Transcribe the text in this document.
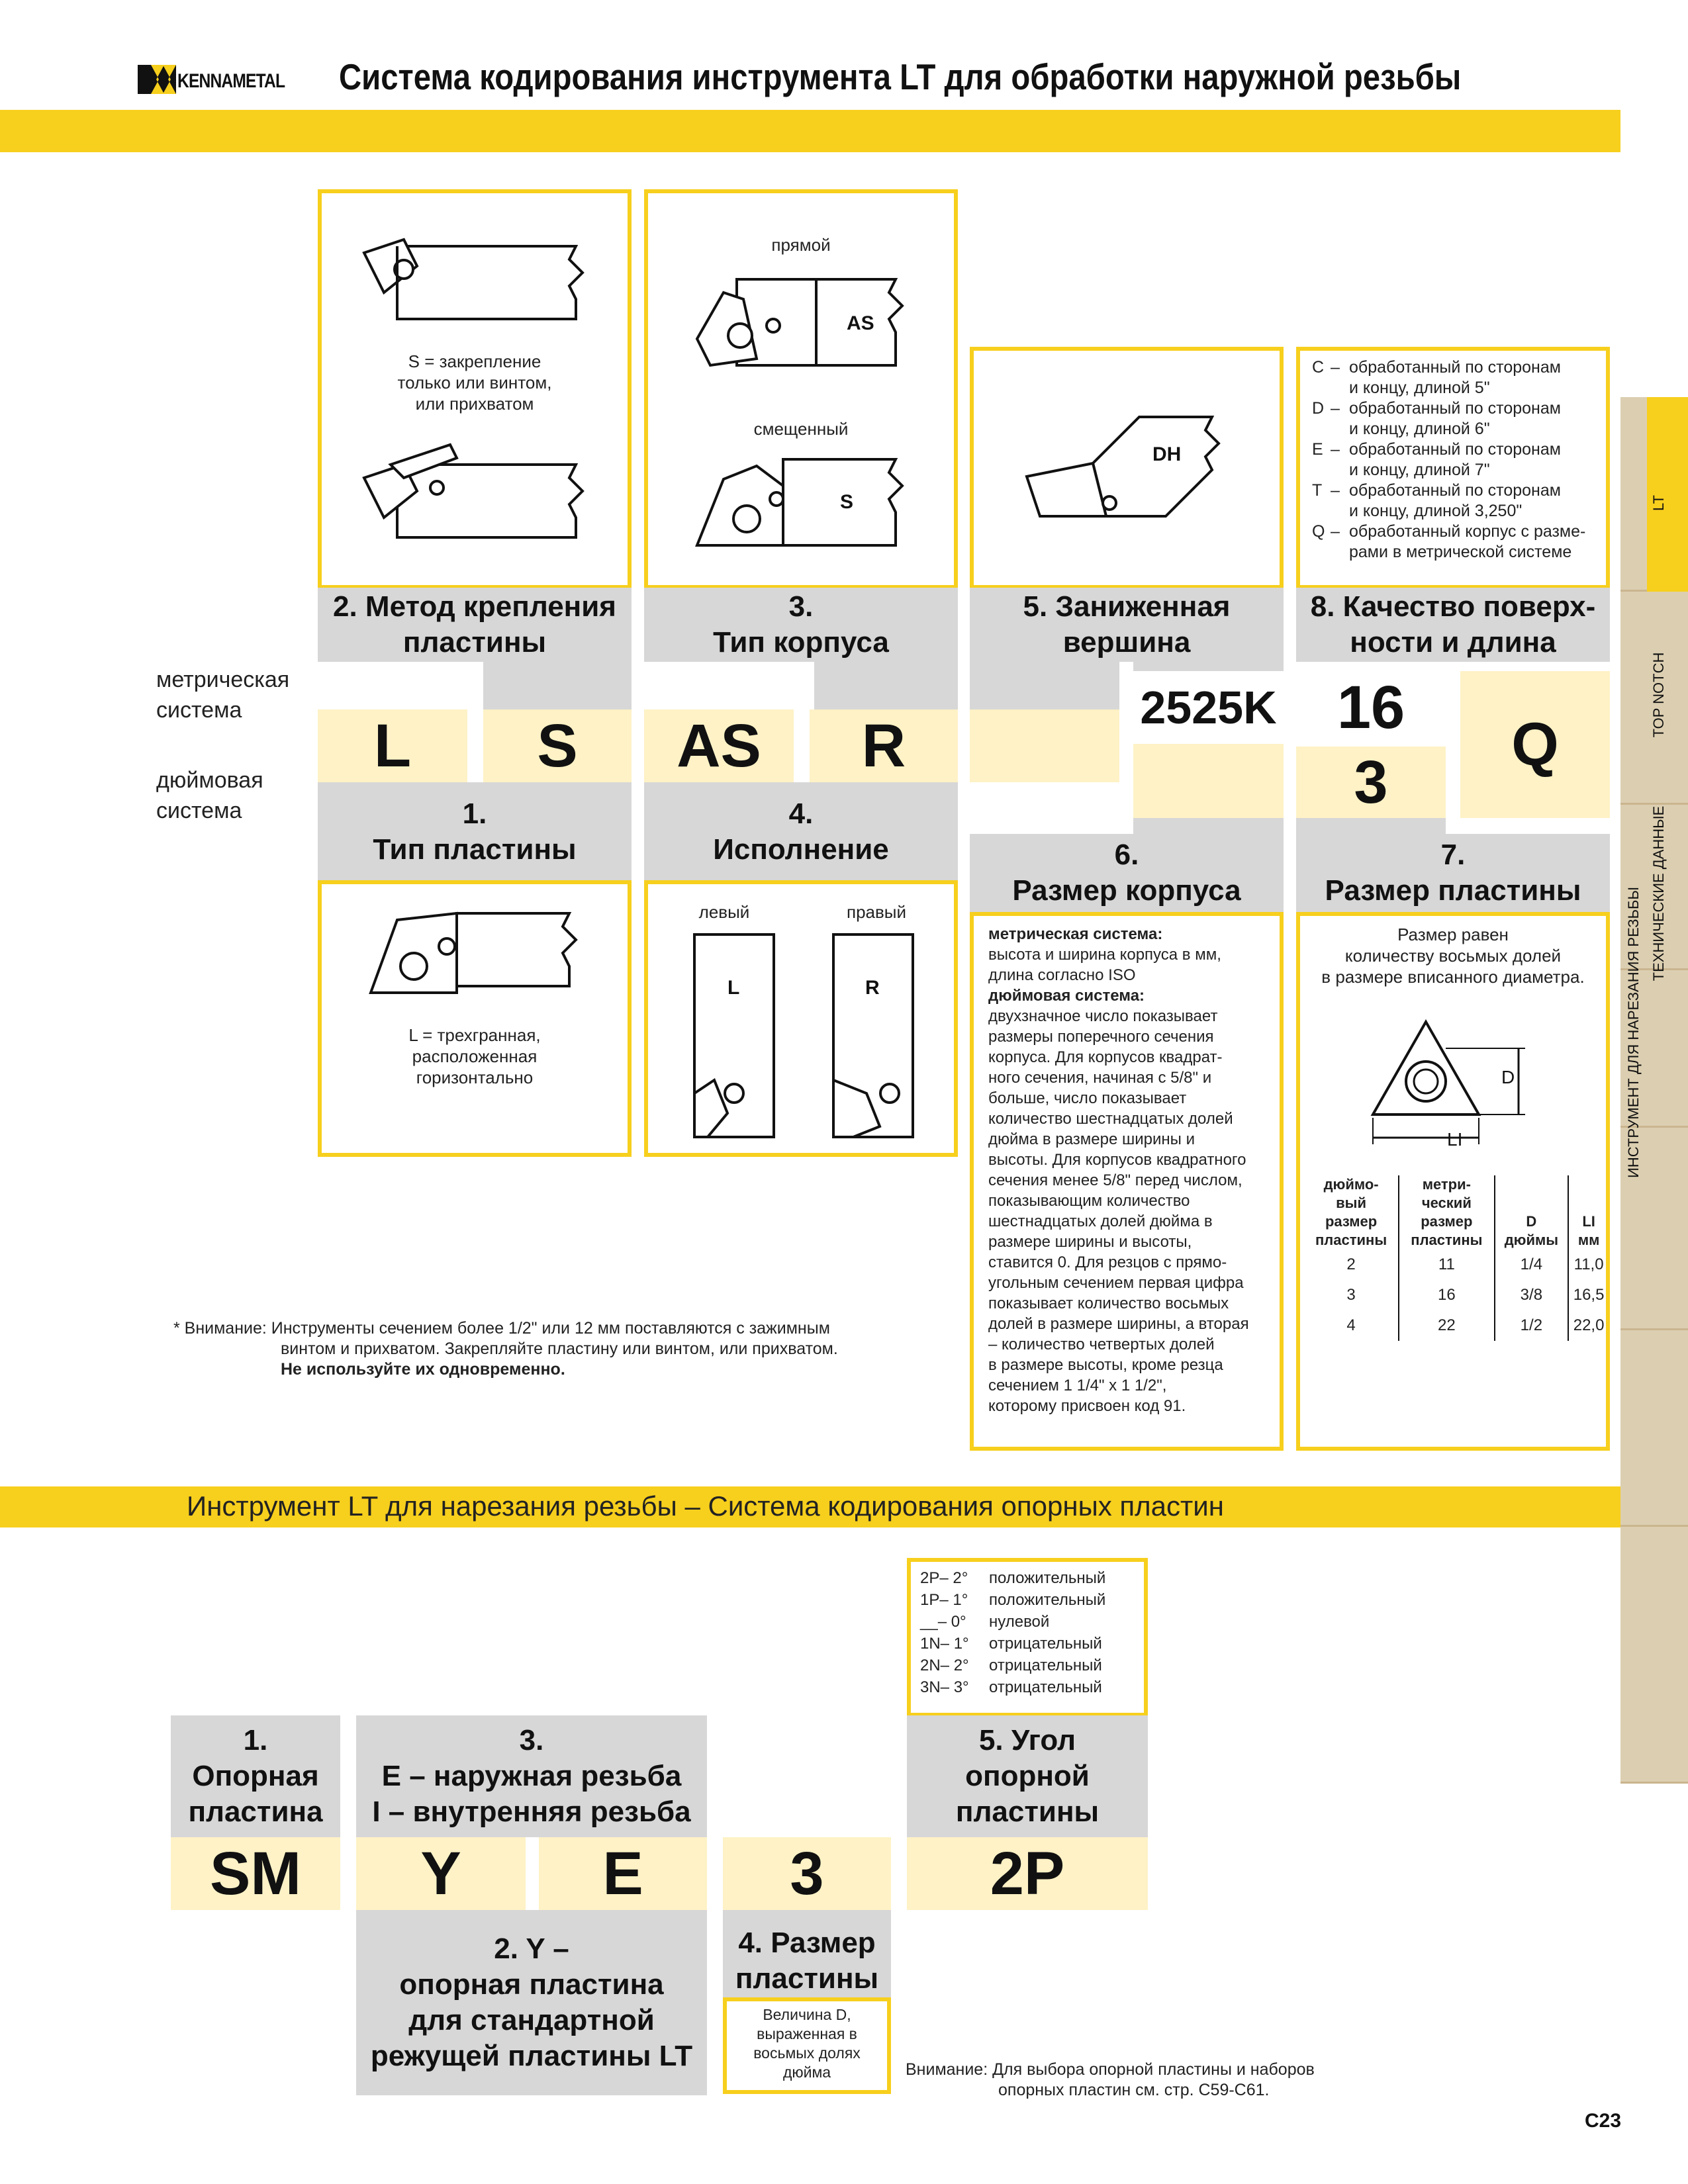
KENNAMETAL Система кодирования инструмента LT для обработки наружной резьбы
LT
TOP NOTCH
ТЕХНИЧЕСКИЕ ДАННЫЕ
ИНСТРУМЕНТ ДЛЯ НАРЕЗАНИЯ РЕЗЬБЫ
S = закрепление
только или винтом,
или прихватом
прямой
AS
смещенный
S
DH
C – обработанный по сторонам
и концу, длиной 5"
D – обработанный по сторонам
и концу, длиной 6"
E – обработанный по сторонам
и концу, длиной 7"
T – обработанный по сторонам
и концу, длиной 3,250"
Q – обработанный корпус с разме-
рами в метрической системе
2. Метод крепления
пластины
3.
Тип корпуса
5. Заниженная
вершина
8. Качество поверх-
ности и длина
метрическая
система
дюймовая
система
L S AS R
2525K 16
3
Q
1.
Тип пластины
4.
Исполнение	6.
Размер корпуса
7.
Размер пластины
L = трехгранная,
расположенная
горизонтально
левый	правый
L	R
метрическая система:
высота и ширина корпуса в мм,
длина согласно ISO
дюймовая система:
двухзначное число показывает
размеры поперечного сечения
корпуса. Для корпусов квадрат-
ного сечения, начиная с 5/8" и
больше, число показывает
количество шестнадцатых долей
дюйма в размере ширины и
высоты. Для корпусов квадратного
сечения менее 5/8" перед числом,
показывающим количество
шестнадцатых долей дюйма в
размере ширины и высоты,
ставится 0. Для резцов с прямо-
угольным сечением первая цифра
показывает количество восьмых
долей в размере ширины, а вторая
– количество четвертых долей
в размере высоты, кроме резца
сечением 1 1/4" x 1 1/2",
которому присвоен код 91.
Размер равен
количеству восьмых долей
в размере вписанного диаметра.
D
LI
дюймо-
вый
размер
пластины	метри-
ческий
размер
пластины	D
дюймы	LI
мм
2	11	1/4	11,0
3	16	3/8	16,5
4	22	1/2	22,0
* Внимание: Инструменты сечением более 1/2" или 12 мм поставляются с зажимным
винтом и прихватом. Закрепляйте пластину или винтом, или прихватом.
Не используйте их одновременно.
Инструмент LT для нарезания резьбы – Система кодирования опорных пластин
2P– 2°	положительный
1P– 1°	положительный
__– 0°	нулевой
1N– 1°	отрицательный
2N– 2°	отрицательный
3N– 3°	отрицательный
1.
Опорная
пластина
3.
E – наружная резьба
I – внутренняя резьба
5. Угол
опорной
пластины
SM Y E 3	2P
2. Y –
опорная пластина
для стандартной
режущей пластины LT
4. Размер
пластины
Величина D,
выраженная в
восьмых долях
дюйма	Внимание: Для выбора опорной пластины и наборов
опорных пластин см. стр. C59-C61.
C23
